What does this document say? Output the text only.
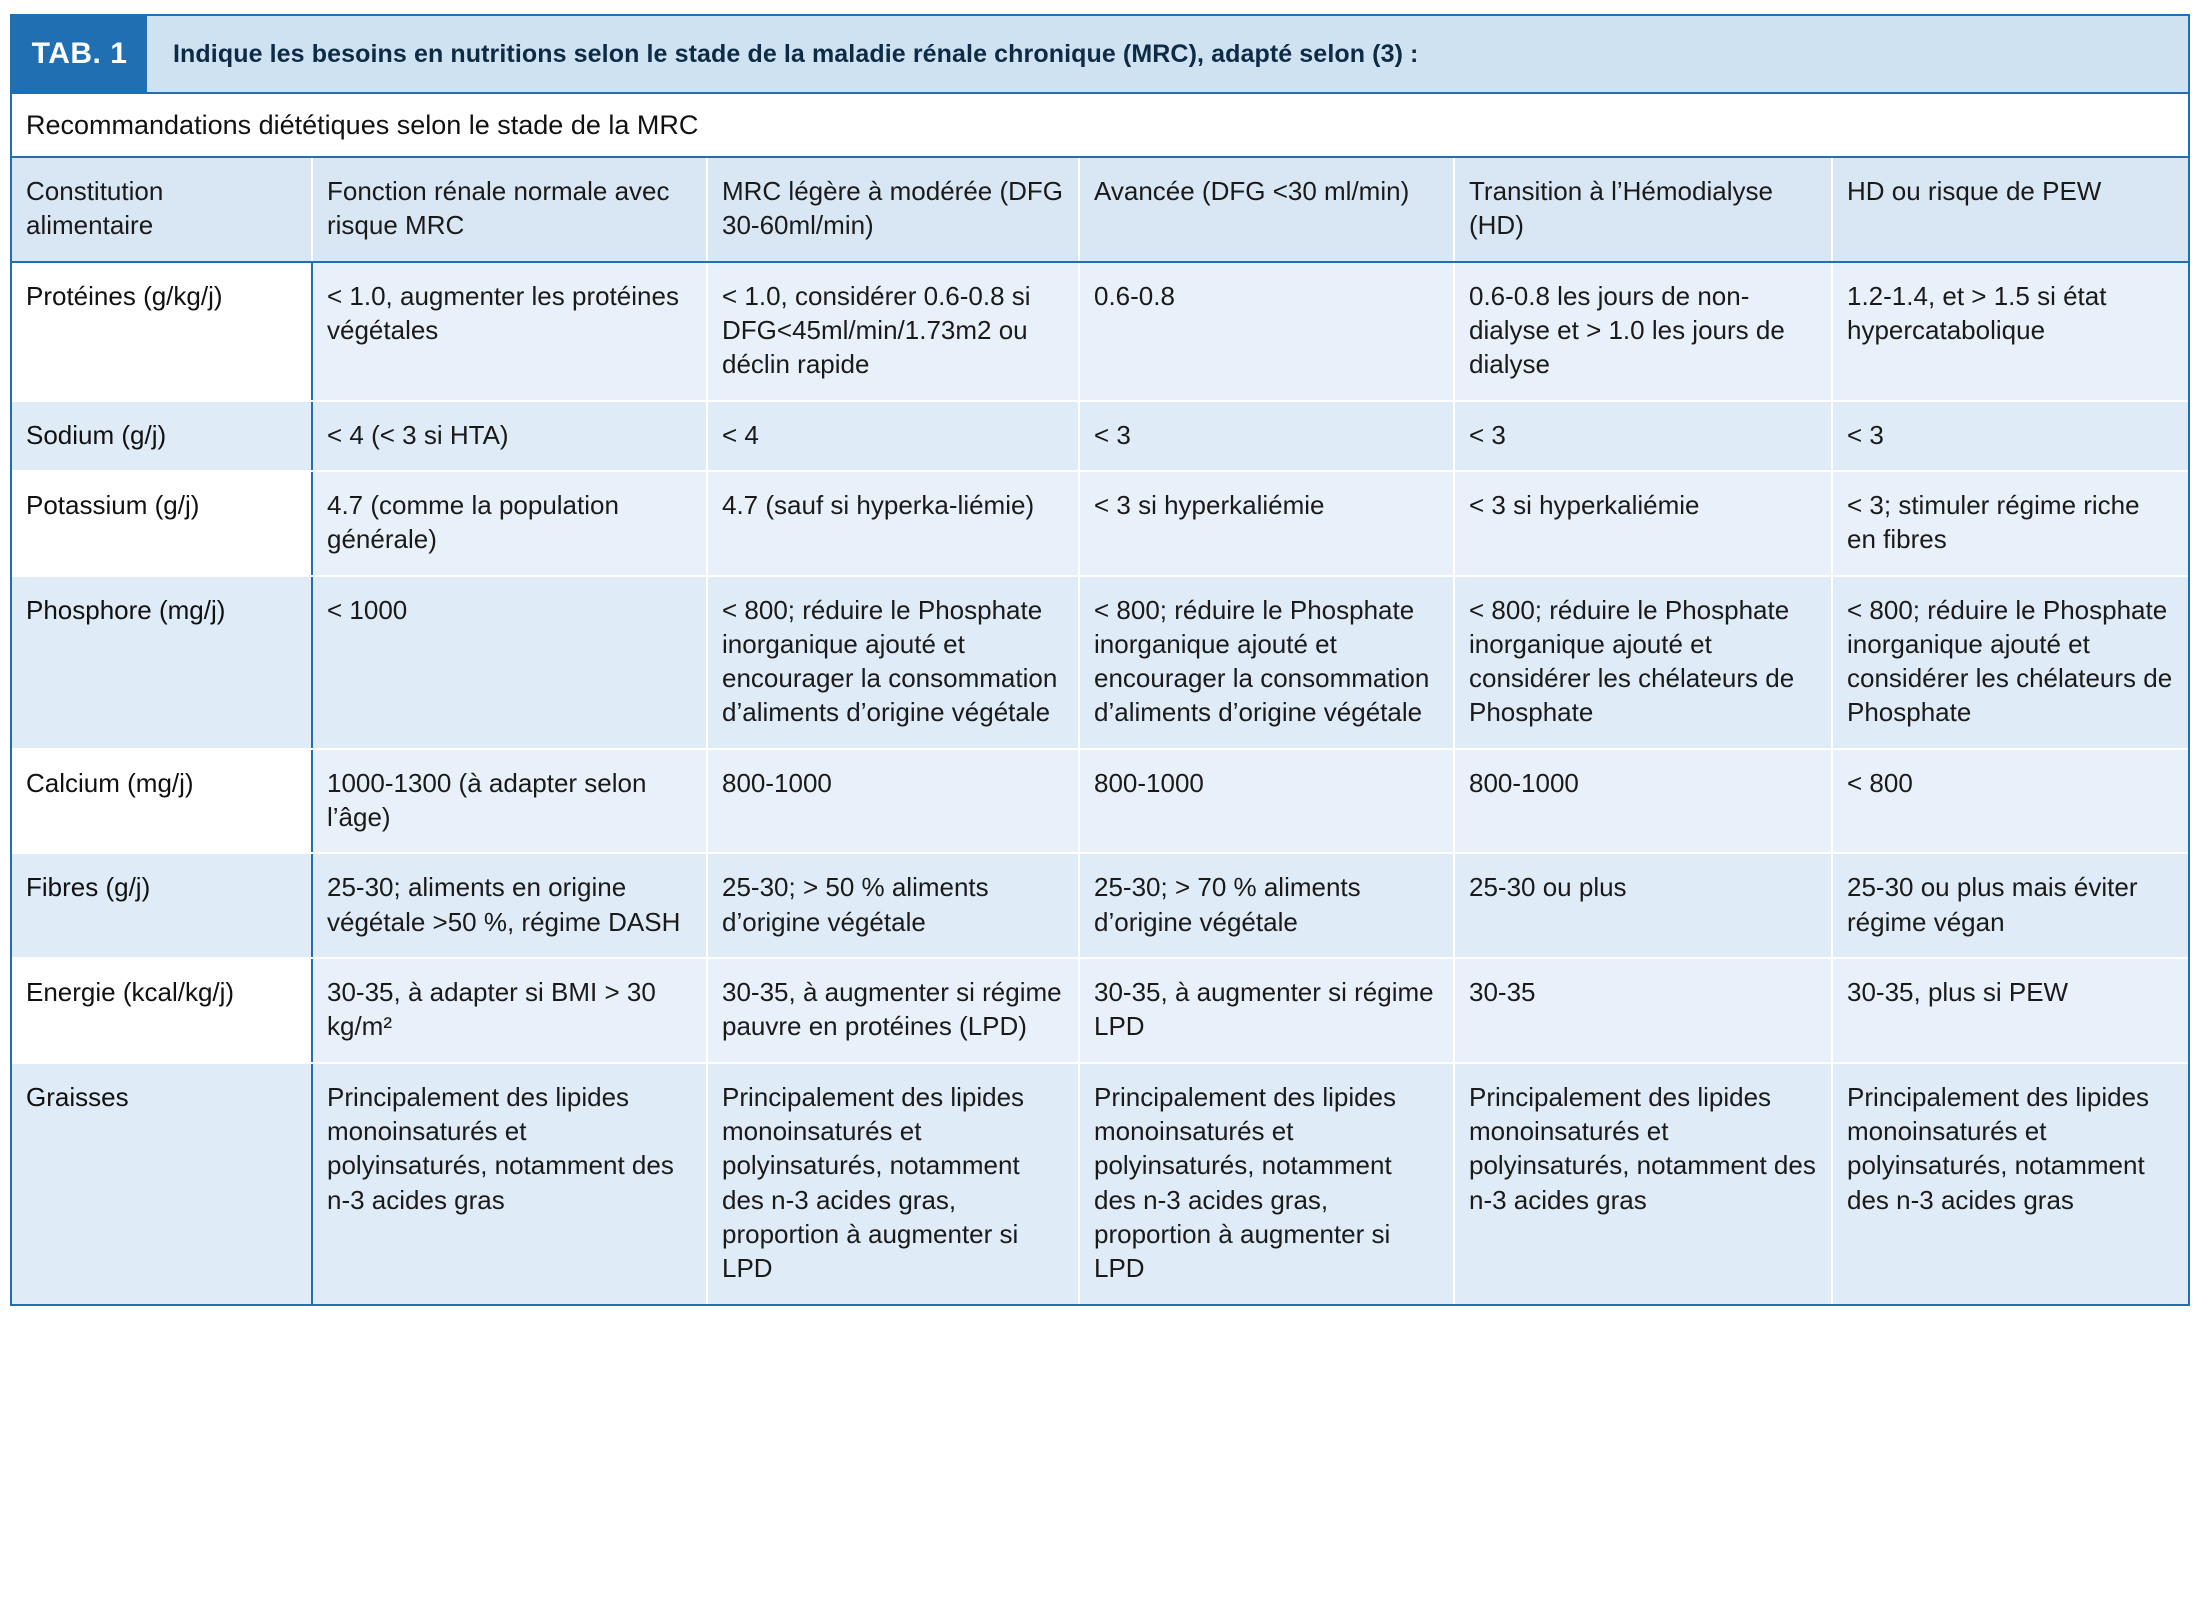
TAB. 1	Indique les besoins en nutritions selon le stade de la maladie rénale chronique (MRC), adapté selon (3) :
Recommandations diététiques selon le stade de la MRC
Constitution alimentaire	Fonction rénale normale avec risque MRC	MRC légère à modérée (DFG 30-60ml/min)	Avancée (DFG <30 ml/min)	Transition à l’Hémodialyse (HD)	HD ou risque de PEW
Protéines (g/kg/j)	< 1.0, augmenter les protéines végétales	< 1.0, considérer 0.6-0.8 si DFG<45ml/min/1.73m2 ou déclin rapide	0.6-0.8	0.6-0.8 les jours de non-dialyse et > 1.0 les jours de dialyse	1.2-1.4, et > 1.5 si état hypercatabolique
Sodium (g/j)	< 4 (< 3 si HTA)	< 4	< 3	< 3	< 3
Potassium (g/j)	4.7 (comme la population générale)	4.7 (sauf si hyperka-liémie)	< 3 si hyperkaliémie	< 3 si hyperkaliémie	< 3; stimuler régime riche en fibres
Phosphore (mg/j)	< 1000	< 800; réduire le Phosphate inorganique ajouté et encourager la consommation d’aliments d’origine végétale	< 800; réduire le Phosphate inorganique ajouté et encourager la consommation d’aliments d’origine végétale	< 800; réduire le Phosphate inorganique ajouté et considérer les chélateurs de Phosphate	< 800; réduire le Phosphate inorganique ajouté et considérer les chélateurs de Phosphate
Calcium (mg/j)	1000-1300 (à adapter selon l’âge)	800-1000	800-1000	800-1000	< 800
Fibres (g/j)	25-30; aliments en origine végétale >50 %, régime DASH	25-30; > 50 % aliments d’origine végétale	25-30; > 70 % aliments d’origine végétale	25-30 ou plus	25-30 ou plus mais éviter régime végan
Energie (kcal/kg/j)	30-35, à adapter si BMI > 30 kg/m²	30-35, à augmenter si régime pauvre en protéines (LPD)	30-35, à augmenter si régime LPD	30-35	30-35, plus si PEW
Graisses	Principalement des lipides monoinsaturés et polyinsaturés, notamment des n-3 acides gras	Principalement des lipides monoinsaturés et polyinsaturés, notamment des n-3 acides gras, proportion à augmenter si LPD	Principalement des lipides monoinsaturés et polyinsaturés, notamment des n-3 acides gras, proportion à augmenter si LPD	Principalement des lipides monoinsaturés et polyinsaturés, notamment des n-3 acides gras	Principalement des lipides monoinsaturés et polyinsaturés, notamment des n-3 acides gras
